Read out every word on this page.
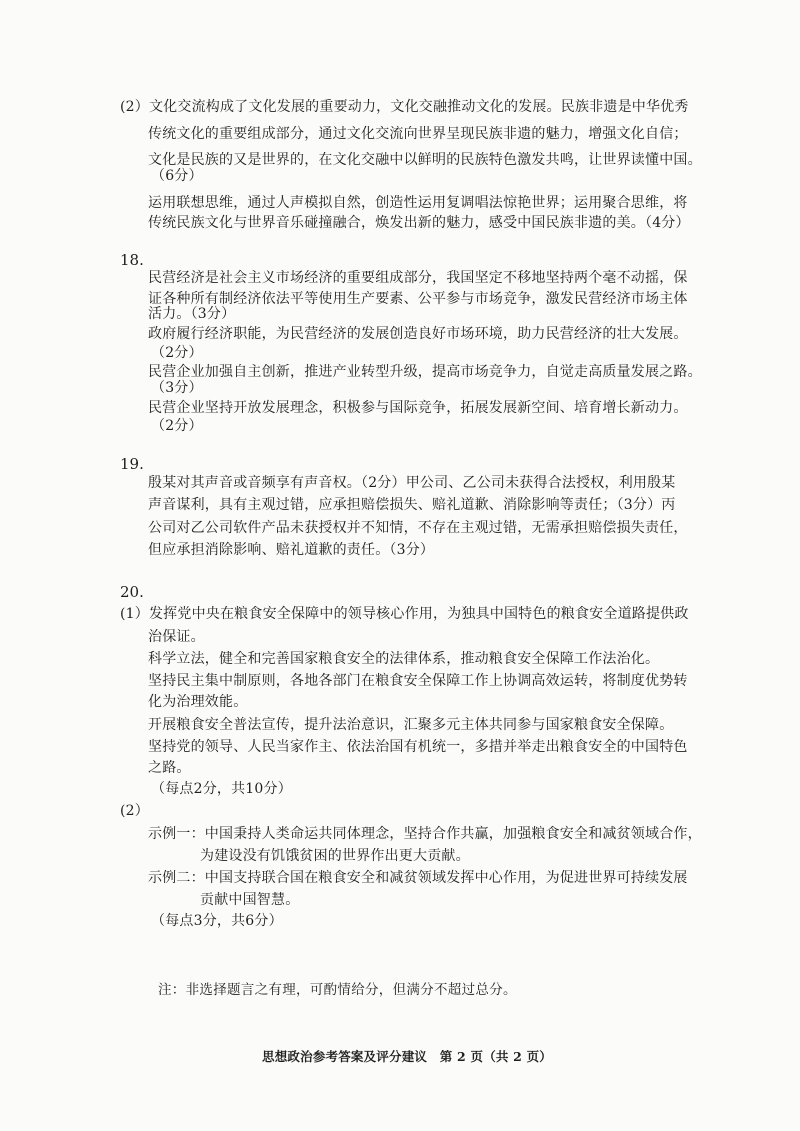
(2）文化交流构成了文化发展的重要动力，文化交融推动文化的发展。民族非遗是中华优秀
传统文化的重要组成部分，通过文化交流向世界呈现民族非遗的魅力，增强文化自信；
文化是民族的又是世界的，在文化交融中以鲜明的民族特色激发共鸣，让世界读懂中国。
（6分）
运用联想思维，通过人声模拟自然，创造性运用复调唱法惊艳世界；运用聚合思维，将
传统民族文化与世界音乐碰撞融合，焕发出新的魅力，感受中国民族非遗的美。（4分）
18.
民营经济是社会主义市场经济的重要组成部分，我国坚定不移地坚持两个毫不动摇，保
证各种所有制经济依法平等使用生产要素、公平参与市场竞争，激发民营经济市场主体
活力。（3分）
政府履行经济职能，为民营经济的发展创造良好市场环境，助力民营经济的壮大发展。
（2分）
民营企业加强自主创新，推进产业转型升级，提高市场竞争力，自觉走高质量发展之路。
（3分）
民营企业坚持开放发展理念，积极参与国际竞争，拓展发展新空间、培育增长新动力。
（2分）
19.
殷某对其声音或音频享有声音权。（2分）甲公司、乙公司未获得合法授权，利用殷某
声音谋利，具有主观过错，应承担赔偿损失、赔礼道歉、消除影响等责任；（3分）丙
公司对乙公司软件产品未获授权并不知情，不存在主观过错，无需承担赔偿损失责任，
但应承担消除影响、赔礼道歉的责任。（3分）
20.
(1）发挥党中央在粮食安全保障中的领导核心作用，为独具中国特色的粮食安全道路提供政
治保证。
科学立法，健全和完善国家粮食安全的法律体系，推动粮食安全保障工作法治化。
坚持民主集中制原则，各地各部门在粮食安全保障工作上协调高效运转，将制度优势转
化为治理效能。
开展粮食安全普法宣传，提升法治意识，汇聚多元主体共同参与国家粮食安全保障。
坚持党的领导、人民当家作主、依法治国有机统一，多措并举走出粮食安全的中国特色
之路。
（每点2分，共10分）
(2）
示例一：中国秉持人类命运共同体理念，坚持合作共赢，加强粮食安全和减贫领域合作，
为建设没有饥饿贫困的世界作出更大贡献。
示例二：中国支持联合国在粮食安全和减贫领域发挥中心作用，为促进世界可持续发展
贡献中国智慧。
（每点3分，共6分）
注：非选择题言之有理，可酌情给分，但满分不超过总分。
思想政治参考答案及评分建议　第 2 页（共 2 页）
